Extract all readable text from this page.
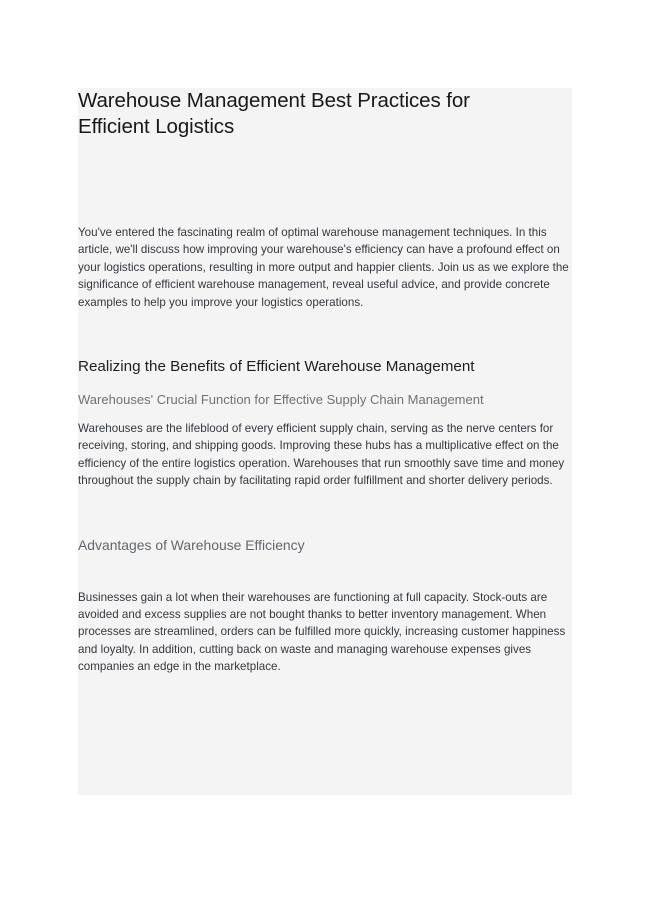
Warehouse Management Best Practices for Efficient Logistics

You've entered the fascinating realm of optimal warehouse management techniques. In this article, we'll discuss how improving your warehouse's efficiency can have a profound effect on your logistics operations, resulting in more output and happier clients. Join us as we explore the significance of efficient warehouse management, reveal useful advice, and provide concrete examples to help you improve your logistics operations.

Realizing the Benefits of Efficient Warehouse Management
Warehouses' Crucial Function for Effective Supply Chain Management

Warehouses are the lifeblood of every efficient supply chain, serving as the nerve centers for receiving, storing, and shipping goods. Improving these hubs has a multiplicative effect on the efficiency of the entire logistics operation. Warehouses that run smoothly save time and money throughout the supply chain by facilitating rapid order fulfillment and shorter delivery periods.

Advantages of Warehouse Efficiency

Businesses gain a lot when their warehouses are functioning at full capacity. Stock-outs are avoided and excess supplies are not bought thanks to better inventory management. When processes are streamlined, orders can be fulfilled more quickly, increasing customer happiness and loyalty. In addition, cutting back on waste and managing warehouse expenses gives companies an edge in the marketplace.
